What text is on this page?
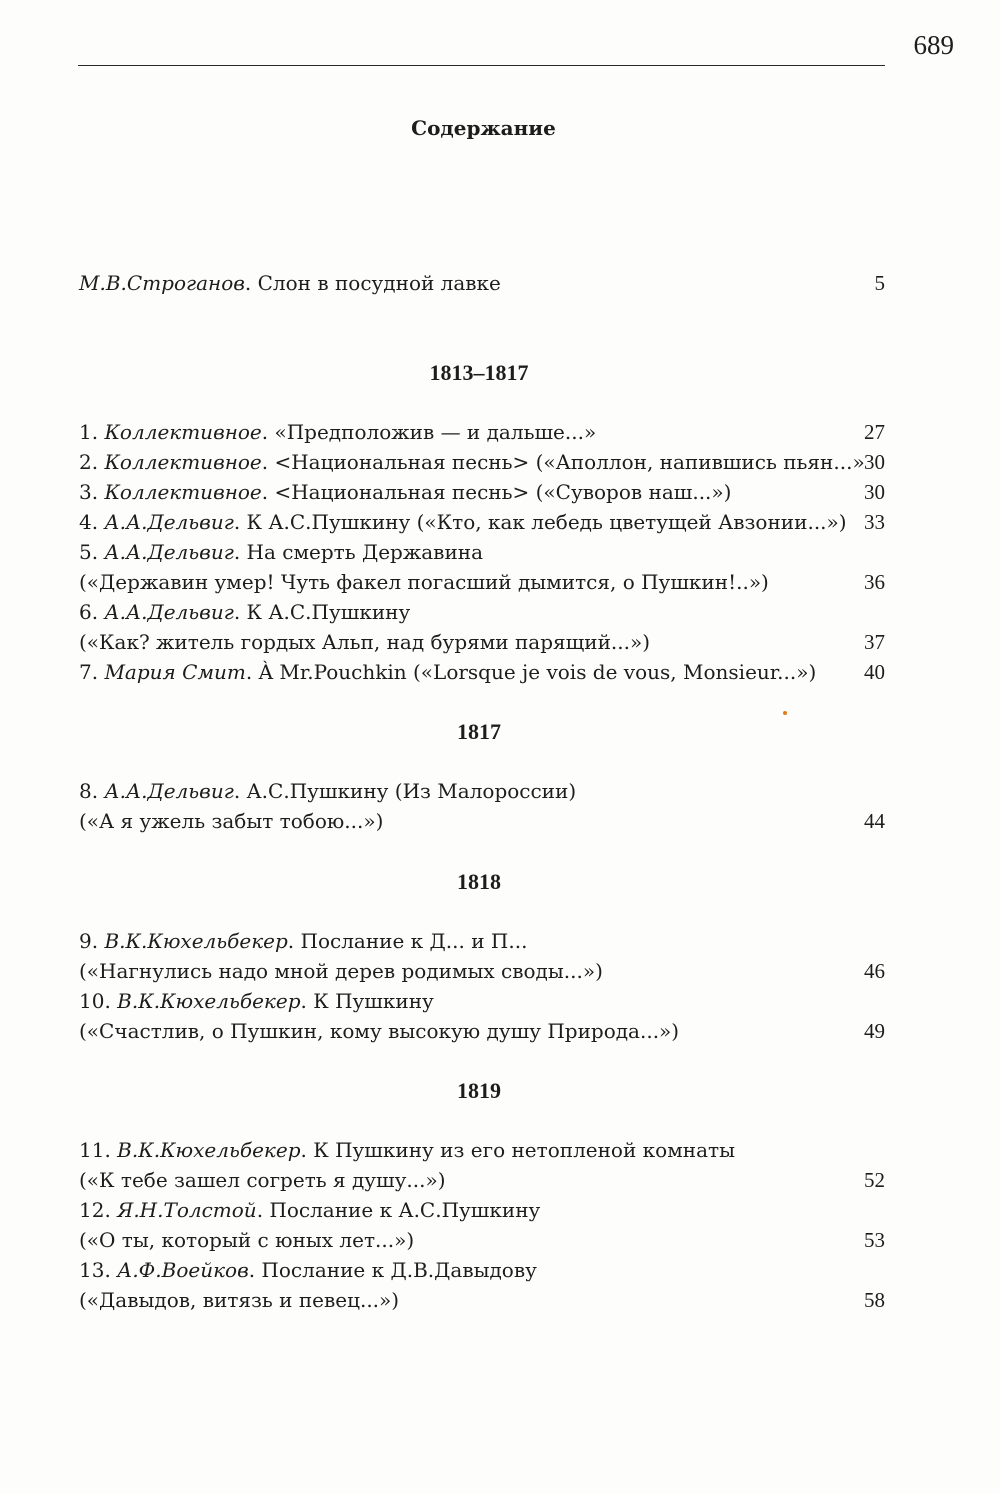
689
Содержание
М.В.Строганов. Слон в посудной лавке	5
1813–1817
1. Коллективное. «Предположив — и дальше...»	27
2. Коллективное. <Национальная песнь> («Аполлон, напившись пьян...» 30
3. Коллективное. <Национальная песнь> («Суворов наш...»)	30
4. А.А.Дельвиг. К А.С.Пушкину («Кто, как лебедь цветущей Авзонии...») 33
5. А.А.Дельвиг. На смерть Державина
(«Державин умер! Чуть факел погасший дымится, о Пушкин!..»)	36
6. А.А.Дельвиг. К А.С.Пушкину
(«Как? житель гордых Альп, над бурями парящий...»)	37
7. Мария Смит. À Mr.Pouchkin («Lorsque je vois de vous, Monsieur...») 40
1817
8. А.А.Дельвиг. А.С.Пушкину (Из Малороссии)
(«А я ужель забыт тобою...»)	44
1818
9. В.К.Кюхельбекер. Послание к Д... и П...
(«Нагнулись надо мной дерев родимых своды...»)	46
10. В.К.Кюхельбекер. К Пушкину
(«Счастлив, о Пушкин, кому высокую душу Природа...»)	49
1819
11. В.К.Кюхельбекер. К Пушкину из его нетопленой комнаты
(«К тебе зашел согреть я душу...»)	52
12. Я.Н.Толстой. Послание к А.С.Пушкину
(«О ты, который с юных лет...»)	53
13. А.Ф.Воейков. Послание к Д.В.Давыдову
(«Давыдов, витязь и певец...»)	58
